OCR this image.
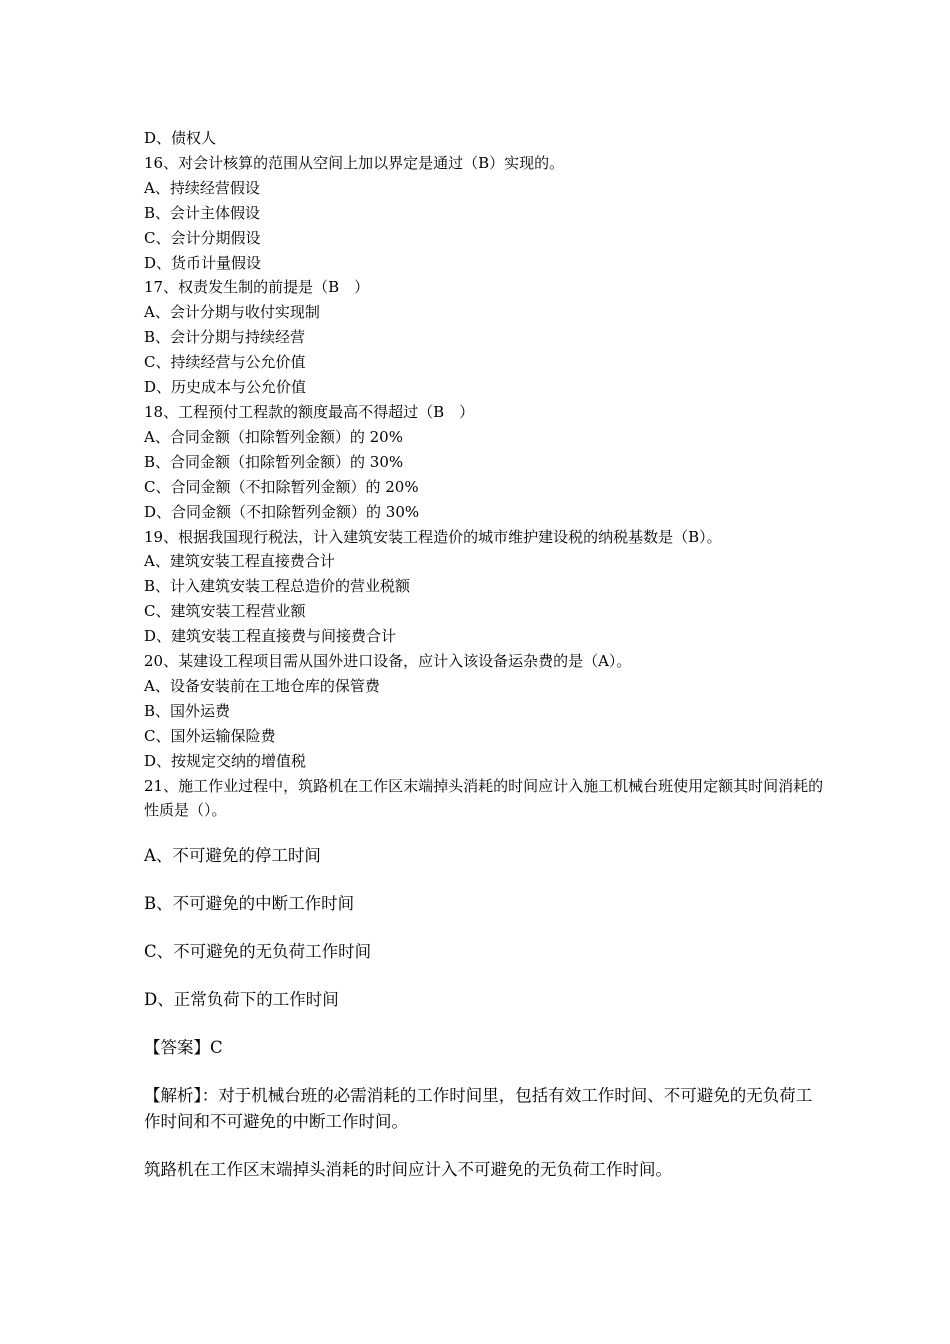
D、债权人
16、对会计核算的范围从空间上加以界定是通过（B）实现的。
A、持续经营假设
B、会计主体假设
C、会计分期假设
D、货币计量假设
17、权责发生制的前提是（B　）
A、会计分期与收付实现制
B、会计分期与持续经营
C、持续经营与公允价值
D、历史成本与公允价值
18、工程预付工程款的额度最高不得超过（B　）
A、合同金额（扣除暂列金额）的 20%
B、合同金额（扣除暂列金额）的 30%
C、合同金额（不扣除暂列金额）的 20%
D、合同金额（不扣除暂列金额）的 30%
19、根据我国现行税法，计入建筑安装工程造价的城市维护建设税的纳税基数是（B）。
A、建筑安装工程直接费合计
B、计入建筑安装工程总造价的营业税额
C、建筑安装工程营业额
D、建筑安装工程直接费与间接费合计
20、某建设工程项目需从国外进口设备，应计入该设备运杂费的是（A）。
A、设备安装前在工地仓库的保管费
B、国外运费
C、国外运输保险费
D、按规定交纳的增值税
21、施工作业过程中，筑路机在工作区末端掉头消耗的时间应计入施工机械台班使用定额其时间消耗的性质是（）。

A、不可避免的停工时间

B、不可避免的中断工作时间

C、不可避免的无负荷工作时间

D、正常负荷下的工作时间

【答案】C

【解析】：对于机械台班的必需消耗的工作时间里，包括有效工作时间、不可避免的无负荷工作时间和不可避免的中断工作时间。

筑路机在工作区末端掉头消耗的时间应计入不可避免的无负荷工作时间。
